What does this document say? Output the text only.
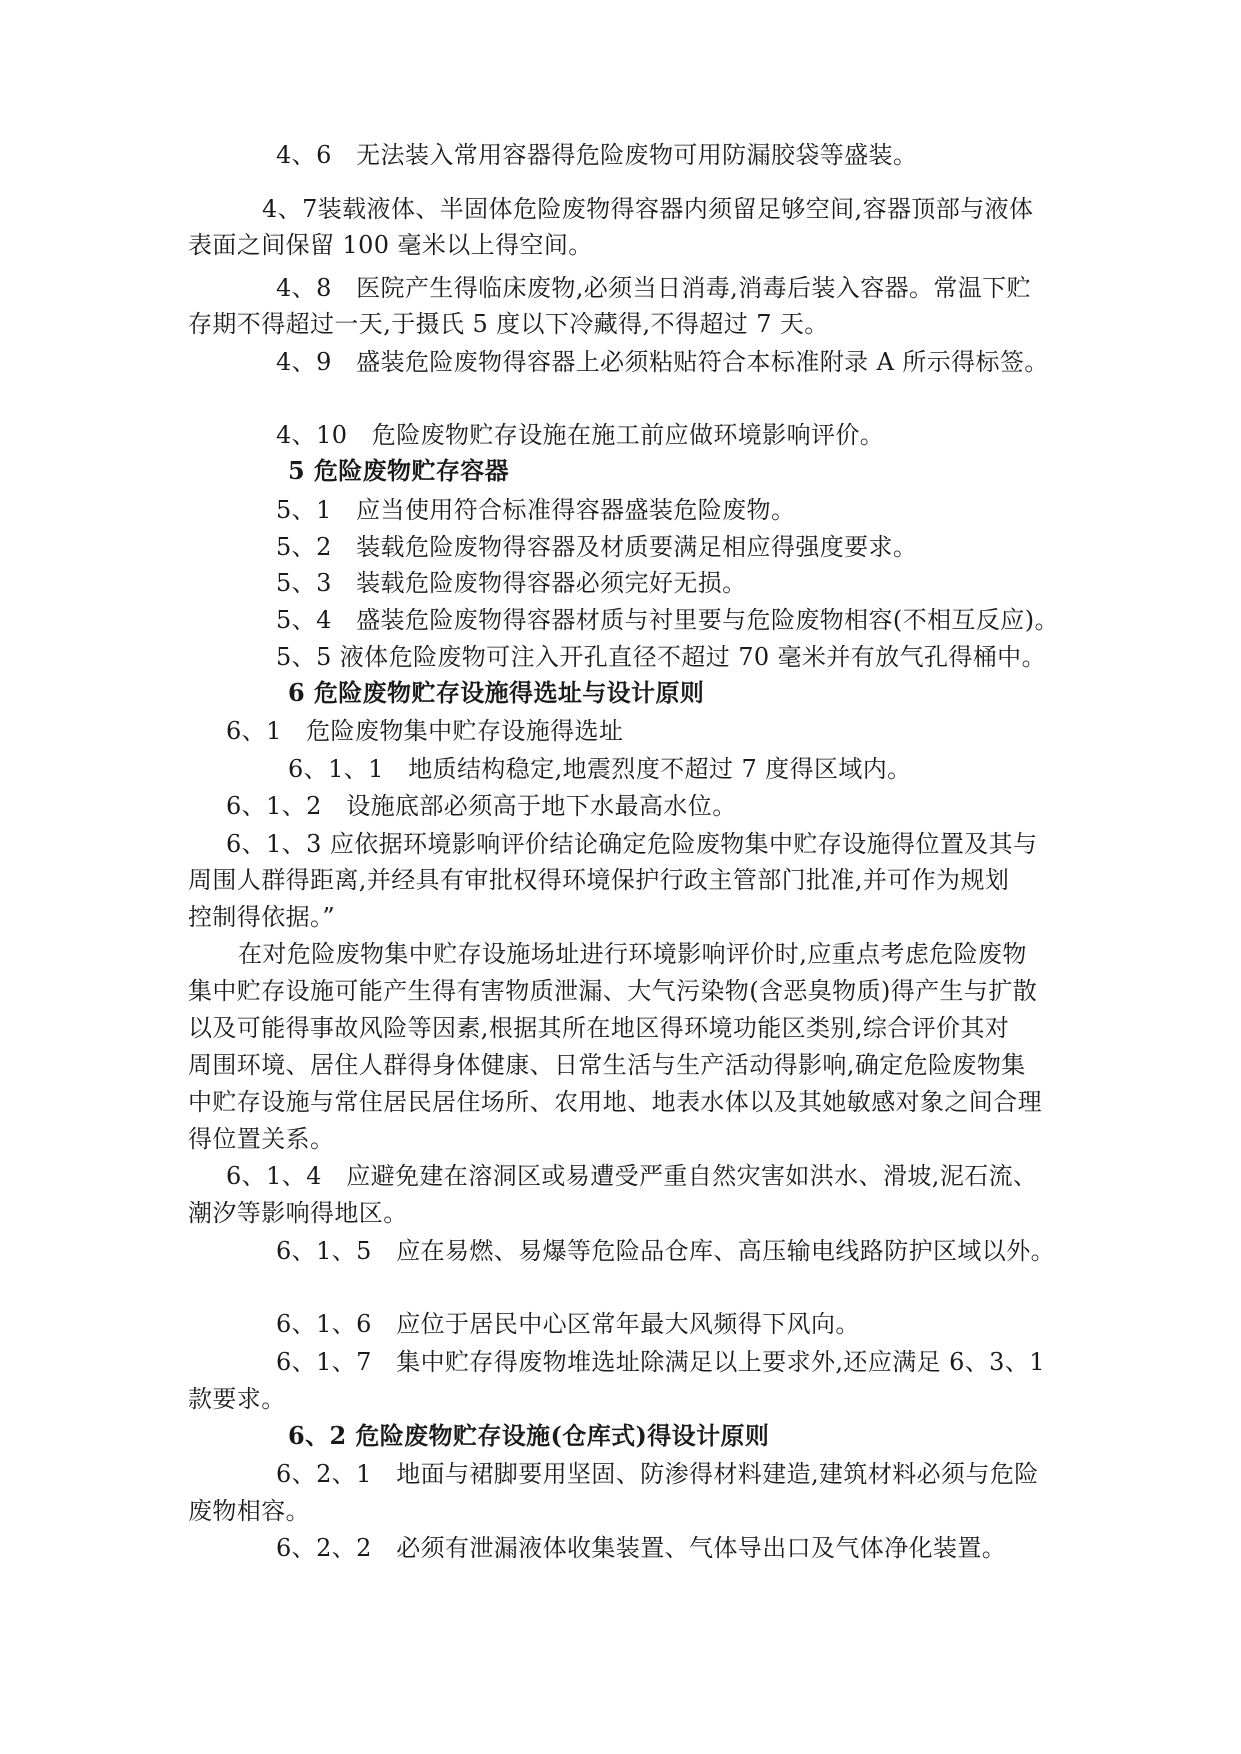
4、6　无法装入常用容器得危险废物可用防漏胶袋等盛装。
4、7装载液体、半固体危险废物得容器内须留足够空间,容器顶部与液体
表面之间保留 100 毫米以上得空间。
4、8　医院产生得临床废物,必须当日消毒,消毒后装入容器。常温下贮
存期不得超过一天,于摄氏 5 度以下冷藏得,不得超过 7 天。
4、9　盛装危险废物得容器上必须粘贴符合本标准附录 A 所示得标签。
4、10　危险废物贮存设施在施工前应做环境影响评价。
5 危险废物贮存容器
5、1　应当使用符合标准得容器盛装危险废物。
5、2　装载危险废物得容器及材质要满足相应得强度要求。
5、3　装载危险废物得容器必须完好无损。
5、4　盛装危险废物得容器材质与衬里要与危险废物相容(不相互反应)。
5、5 液体危险废物可注入开孔直径不超过 70 毫米并有放气孔得桶中。
6 危险废物贮存设施得选址与设计原则
6、1　危险废物集中贮存设施得选址
6、1、1　地质结构稳定,地震烈度不超过 7 度得区域内。
6、1、2　设施底部必须高于地下水最高水位。
6、1、3 应依据环境影响评价结论确定危险废物集中贮存设施得位置及其与
周围人群得距离,并经具有审批权得环境保护行政主管部门批准,并可作为规划
控制得依据。”
在对危险废物集中贮存设施场址进行环境影响评价时,应重点考虑危险废物
集中贮存设施可能产生得有害物质泄漏、大气污染物(含恶臭物质)得产生与扩散
以及可能得事故风险等因素,根据其所在地区得环境功能区类别,综合评价其对
周围环境、居住人群得身体健康、日常生活与生产活动得影响,确定危险废物集
中贮存设施与常住居民居住场所、农用地、地表水体以及其她敏感对象之间合理
得位置关系。
6、1、4　应避免建在溶洞区或易遭受严重自然灾害如洪水、滑坡,泥石流、
潮汐等影响得地区。
6、1、5　应在易燃、易爆等危险品仓库、高压输电线路防护区域以外。
6、1、6　应位于居民中心区常年最大风频得下风向。
6、1、7　集中贮存得废物堆选址除满足以上要求外,还应满足 6、3、1
款要求。
6、2 危险废物贮存设施(仓库式)得设计原则
6、2、1　地面与裙脚要用坚固、防渗得材料建造,建筑材料必须与危险
废物相容。
6、2、2　必须有泄漏液体收集装置、气体导出口及气体净化装置。
